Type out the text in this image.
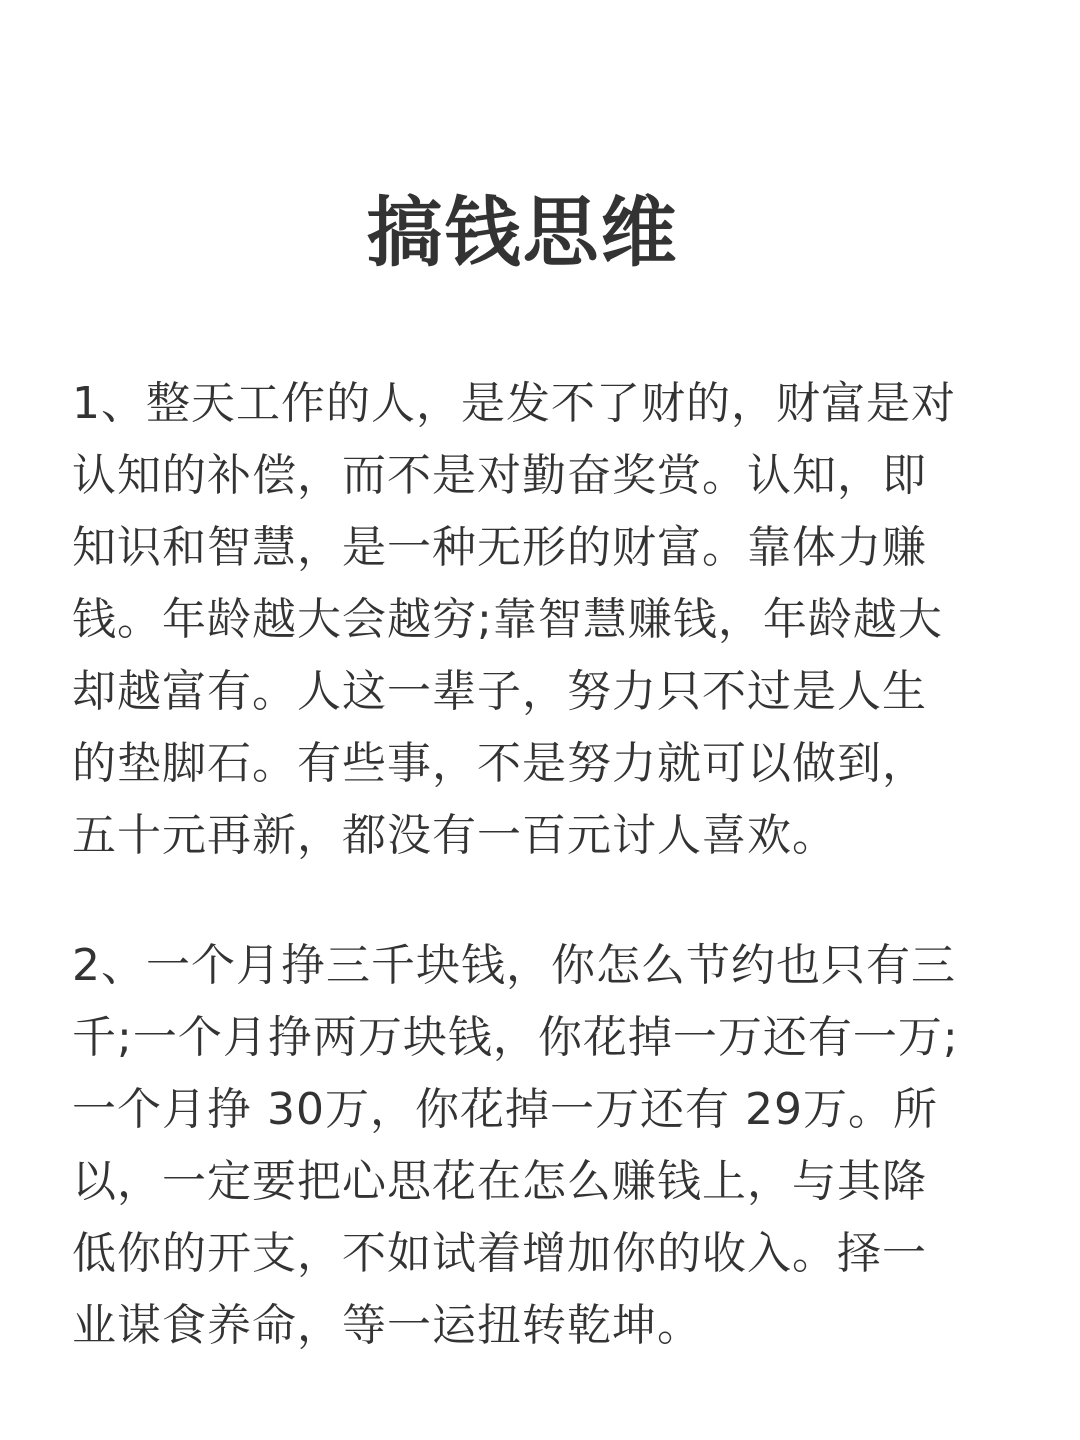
搞钱思维
1、整天工作的人，是发不了财的，财富是对
认知的补偿，而不是对勤奋奖赏。认知，即
知识和智慧，是一种无形的财富。靠体力赚
钱。年龄越大会越穷;靠智慧赚钱，年龄越大
却越富有。人这一辈子，努力只不过是人生
的垫脚石。有些事，不是努力就可以做到，
五十元再新，都没有一百元讨人喜欢。
2、一个月挣三千块钱，你怎么节约也只有三
千;一个月挣两万块钱，你花掉一万还有一万;
一个月挣 30万，你花掉一万还有 29万。所
以，一定要把心思花在怎么赚钱上，与其降
低你的开支，不如试着增加你的收入。择一
业谋食养命，等一运扭转乾坤。
